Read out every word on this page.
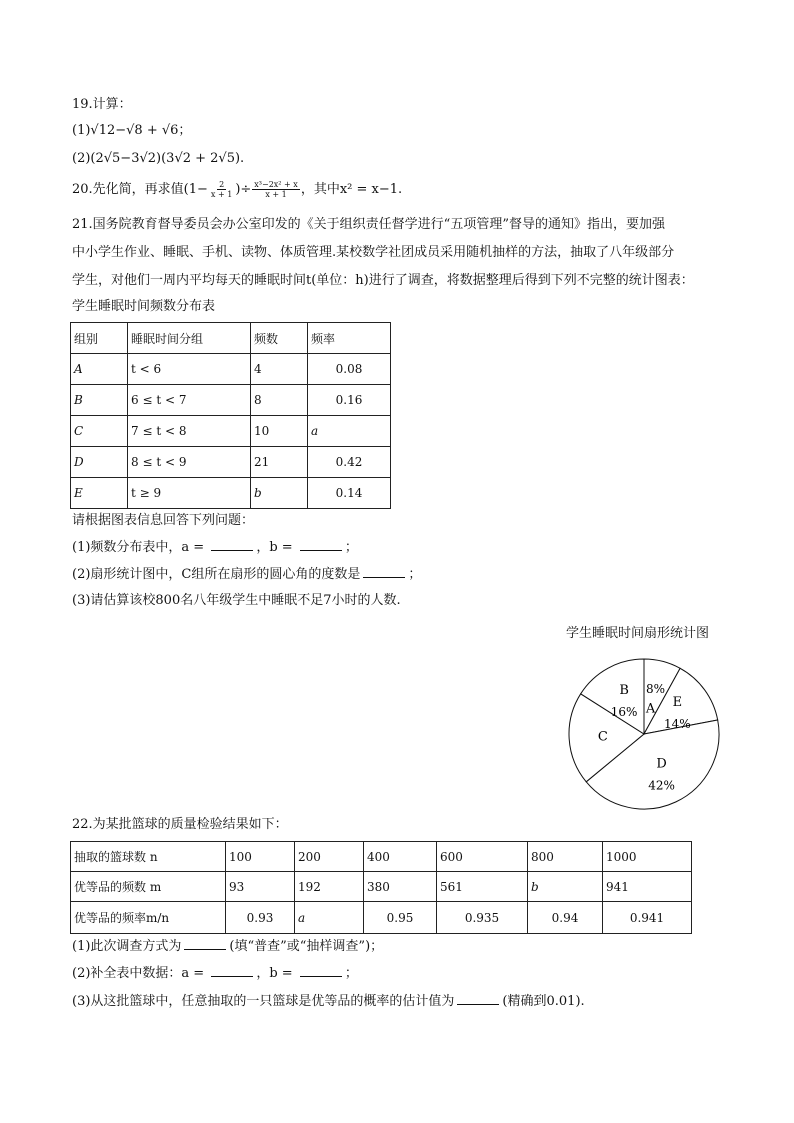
19.计算：
(1)√12−√8 + √6；
(2)(2√5−3√2)(3√2 + 2√5).
20.先化简，再求值($1- \frac{2}{x + 1}$ )÷ $\frac{\text{x³−2x² + x}}{x + 1}$ ，其中x² = x−1.
21.国务院教育督导委员会办公室印发的《关于组织责任督学进行“五项管理”督导的通知》指出，要加强
中小学生作业、睡眠、手机、读物、体质管理.某校数学社团成员采用随机抽样的方法，抽取了八年级部分
学生，对他们一周内平均每天的睡眠时间t(单位：h)进行了调查，将数据整理后得到下列不完整的统计图表：
学生睡眠时间频数分布表
组别	睡眠时间分组	频数	频率
A	t < 6	4	0.08
B	6 ≤ t < 7	8	0.16
C	7 ≤ t < 8	10	a
D	8 ≤ t < 9	21	0.42
E	t ≥ 9	b	0.14
请根据图表信息回答下列问题：
(1)频数分布表中，a =	，b =	；
(2)扇形统计图中，C组所在扇形的圆心角的度数是	；
(3)请估算该校800名八年级学生中睡眠不足7小时的人数.
学生睡眠时间扇形统计图
A
8%
E
14%
D
42%
C
B
16%
22.为某批篮球的质量检验结果如下：
抽取的篮球数 n	100	200	400	600	800	1000
优等品的频数 m	93	192	380	561	b	941
优等品的频率m/n	0.93	a	0.95	0.935	0.94	0.941
(1)此次调查方式为	(填“普查”或“抽样调查”)；
(2)补全表中数据：a =	，b =	；
(3)从这批篮球中，任意抽取的一只篮球是优等品的概率的估计值为	(精确到0.01).
